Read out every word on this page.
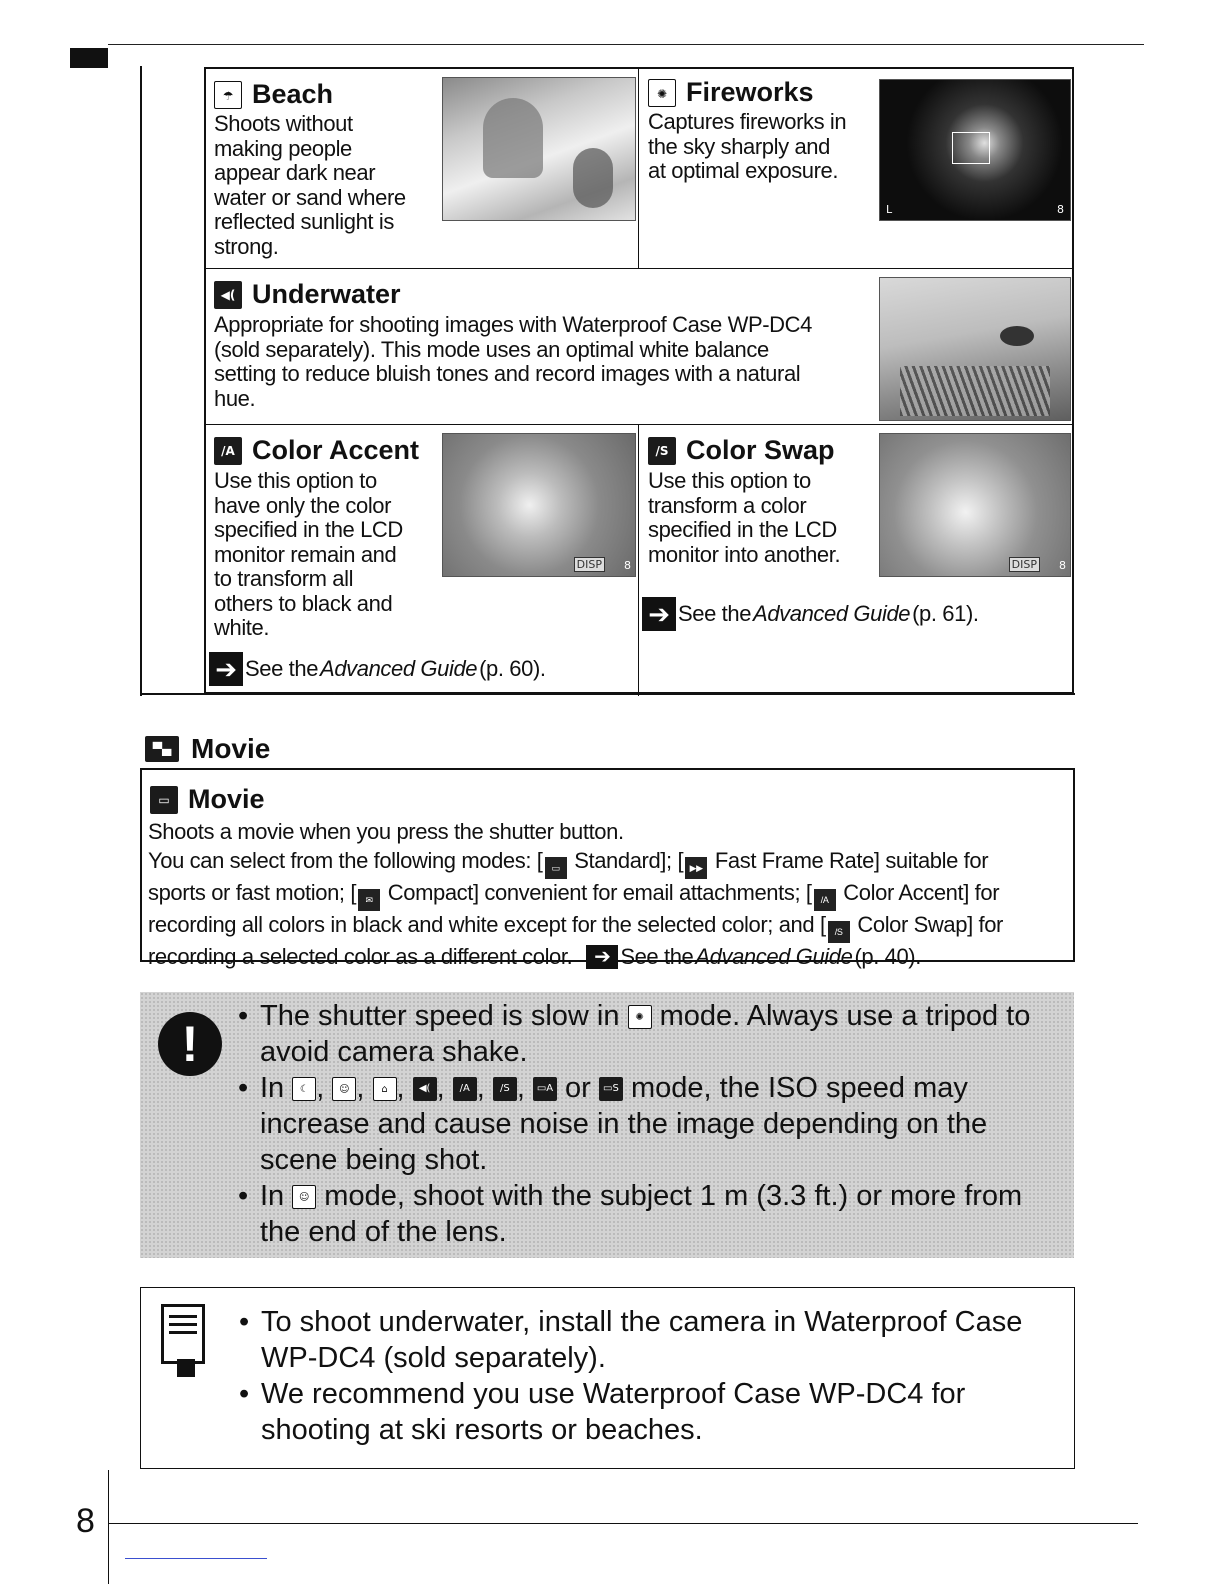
☂ Beach
Shoots without
making people
appear dark near
water or sand where
reflected sunlight is
strong.
✺ Fireworks
Captures fireworks in
the sky sharply and
at optimal exposure.
L	8
◀( Underwater
Appropriate for shooting images with Waterproof Case WP-DC4
(sold separately). This mode uses an optimal white balance
setting to reduce bluish tones and record images with a natural
hue.
/A Color Accent
Use this option to
have only the color
specified in the LCD
monitor remain and
to transform all
others to black and
white.
➔ See the Advanced Guide (p. 60).
DISP 8
/S Color Swap
Use this option to
transform a color
specified in the LCD
monitor into another.
➔ See the Advanced Guide (p. 61).
DISP 8
▀▄ Movie
▭ Movie
Shoots a movie when you press the shutter button.
You can select from the following modes: [ ▭ Standard]; [ ▶▶ Fast Frame Rate] suitable for
sports or fast motion; [ ✉ Compact] convenient for email attachments; [ /A Color Accent] for
recording all colors in black and white except for the selected color; and [ /S Color Swap] for
recording a selected color as a different color.	➔ See the Advanced Guide (p. 40).
!
•	The shutter speed is slow in ✺ mode. Always use a tripod to avoid camera shake.
• In ☾ , ☺ , ⌂ , ◀( , /A , /S , ▭A or ▭S mode, the ISO speed may increase and cause noise in the image depending on the scene being shot.
• In ☺ mode, shoot with the subject 1 m (3.3 ft.) or more from the end of the lens.
• To shoot underwater, install the camera in Waterproof Case WP-DC4 (sold separately).
• We recommend you use Waterproof Case WP-DC4 for shooting at ski resorts or beaches.
8
